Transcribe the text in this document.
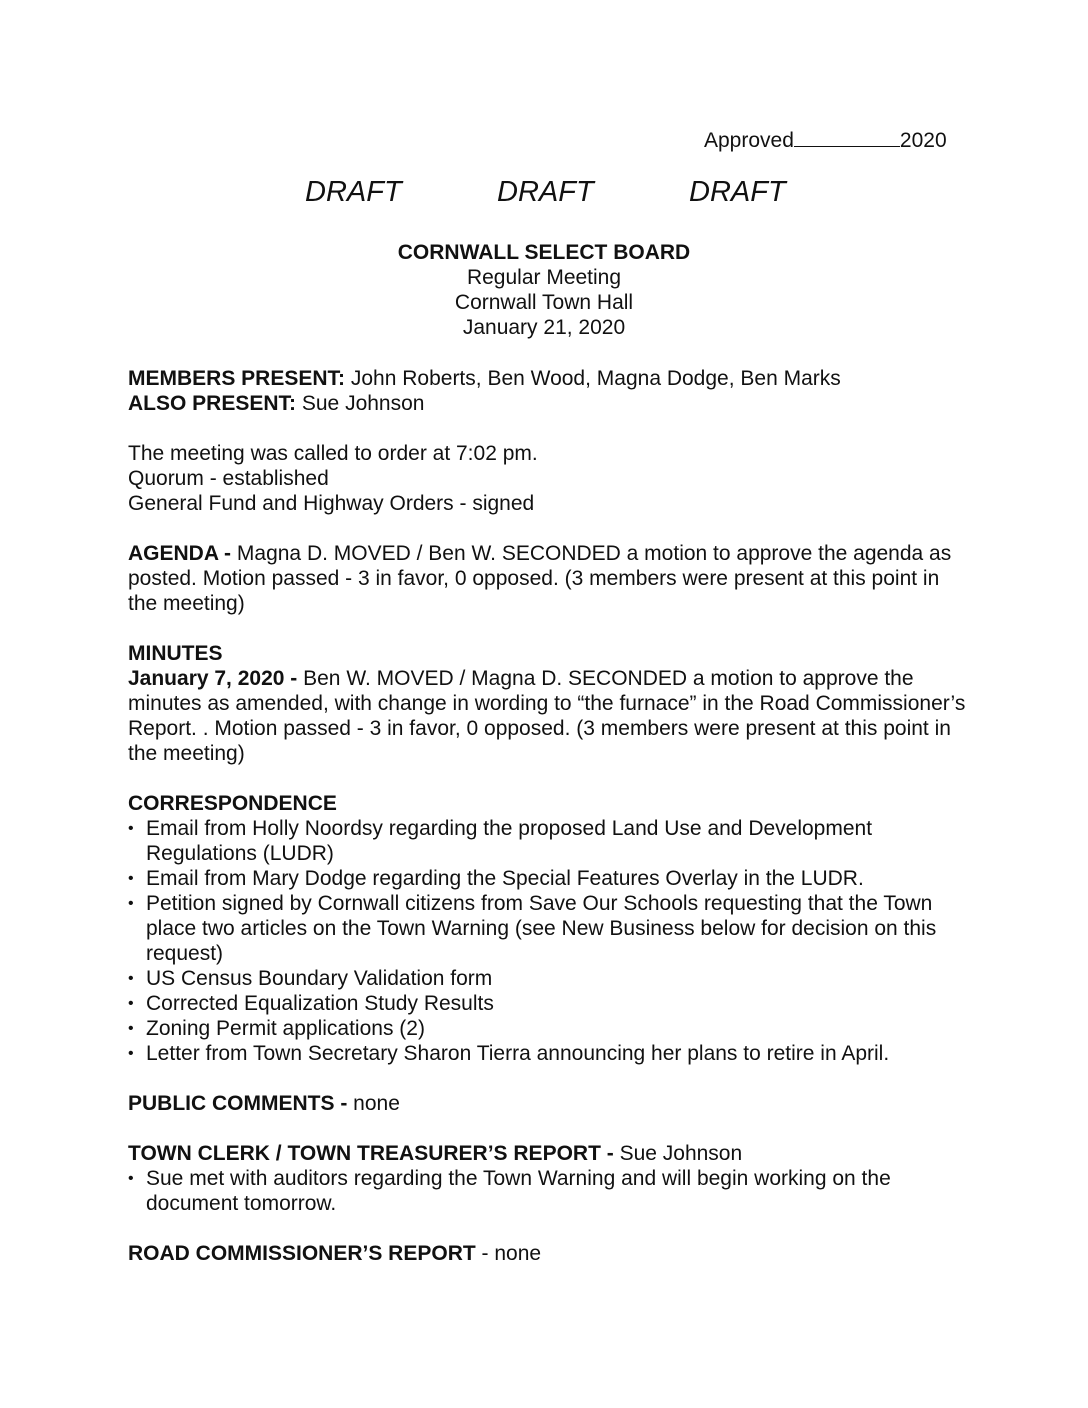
Approved	2020
DRAFT	DRAFT	DRAFT
CORNWALL SELECT BOARD
Regular Meeting
Cornwall Town Hall
January 21, 2020

MEMBERS PRESENT: John Roberts, Ben Wood, Magna Dodge, Ben Marks

ALSO PRESENT: Sue Johnson

The meeting was called to order at 7:02 pm.

Quorum - established

General Fund and Highway Orders - signed

AGENDA - Magna D. MOVED / Ben W. SECONDED a motion to approve the agenda as posted. Motion passed - 3 in favor, 0 opposed. (3 members were present at this point in the meeting)

MINUTES

January 7, 2020 - Ben W. MOVED / Magna D. SECONDED a motion to approve the minutes as amended, with change in wording to “the furnace” in the Road Commissioner’s Report. . Motion passed - 3 in favor, 0 opposed. (3 members were present at this point in the meeting)

CORRESPONDENCE

• Email from Holly Noordsy regarding the proposed Land Use and Development Regulations (LUDR)
• Email from Mary Dodge regarding the Special Features Overlay in the LUDR.
• Petition signed by Cornwall citizens from Save Our Schools requesting that the Town place two articles on the Town Warning (see New Business below for decision on this request)
• US Census Boundary Validation form
• Corrected Equalization Study Results
• Zoning Permit applications (2)
• Letter from Town Secretary Sharon Tierra announcing her plans to retire in April.

PUBLIC COMMENTS - none

TOWN CLERK / TOWN TREASURER’S REPORT - Sue Johnson

• Sue met with auditors regarding the Town Warning and will begin working on the document tomorrow.

ROAD COMMISSIONER’S REPORT - none
